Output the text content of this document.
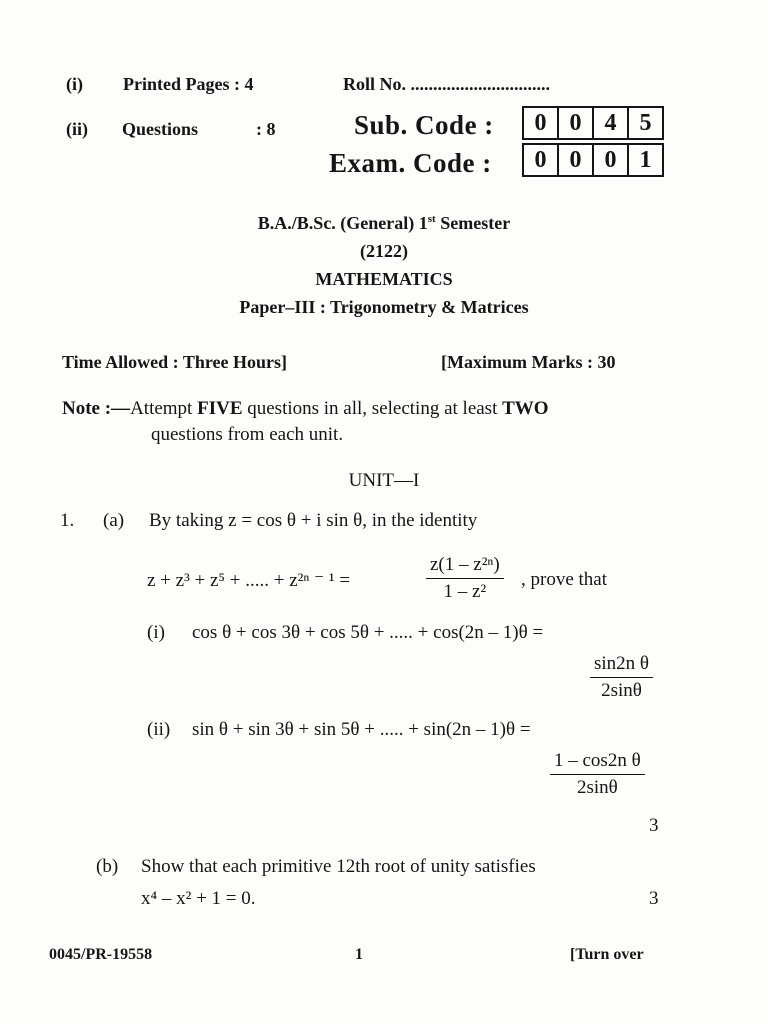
(i) Printed Pages : 4	Roll No. ...............................
(ii) Questions	: 8	Sub. Code :	0 0 4 5
Exam. Code :	0 0 0 1
B.A./B.Sc. (General) 1st Semester
(2122)
MATHEMATICS
Paper–III : Trigonometry & Matrices
Time Allowed : Three Hours]	[Maximum Marks : 30
Note :—Attempt FIVE questions in all, selecting at least TWO
questions from each unit.
UNIT—I
1. (a) By taking z = cos θ + i sin θ, in the identity
z + z³ + z⁵ + ..... + z²ⁿ ⁻ ¹ =	$\frac{\text{z(1 – z²ⁿ)}}{\text{1 – z²}}$ , prove that
(i) cos θ + cos 3θ + cos 5θ + ..... + cos(2n – 1)θ =
$\frac{\text{sin2n θ}}{2\sin\theta}$
(ii) sin θ + sin 3θ + sin 5θ + ..... + sin(2n – 1)θ =
$\frac{\text{1 – cos2n θ}}{2\sin\theta}$
3
(b) Show that each primitive 12th root of unity satisfies
x⁴ – x² + 1 = 0.	3
0045/PR-19558	1	[Turn over
